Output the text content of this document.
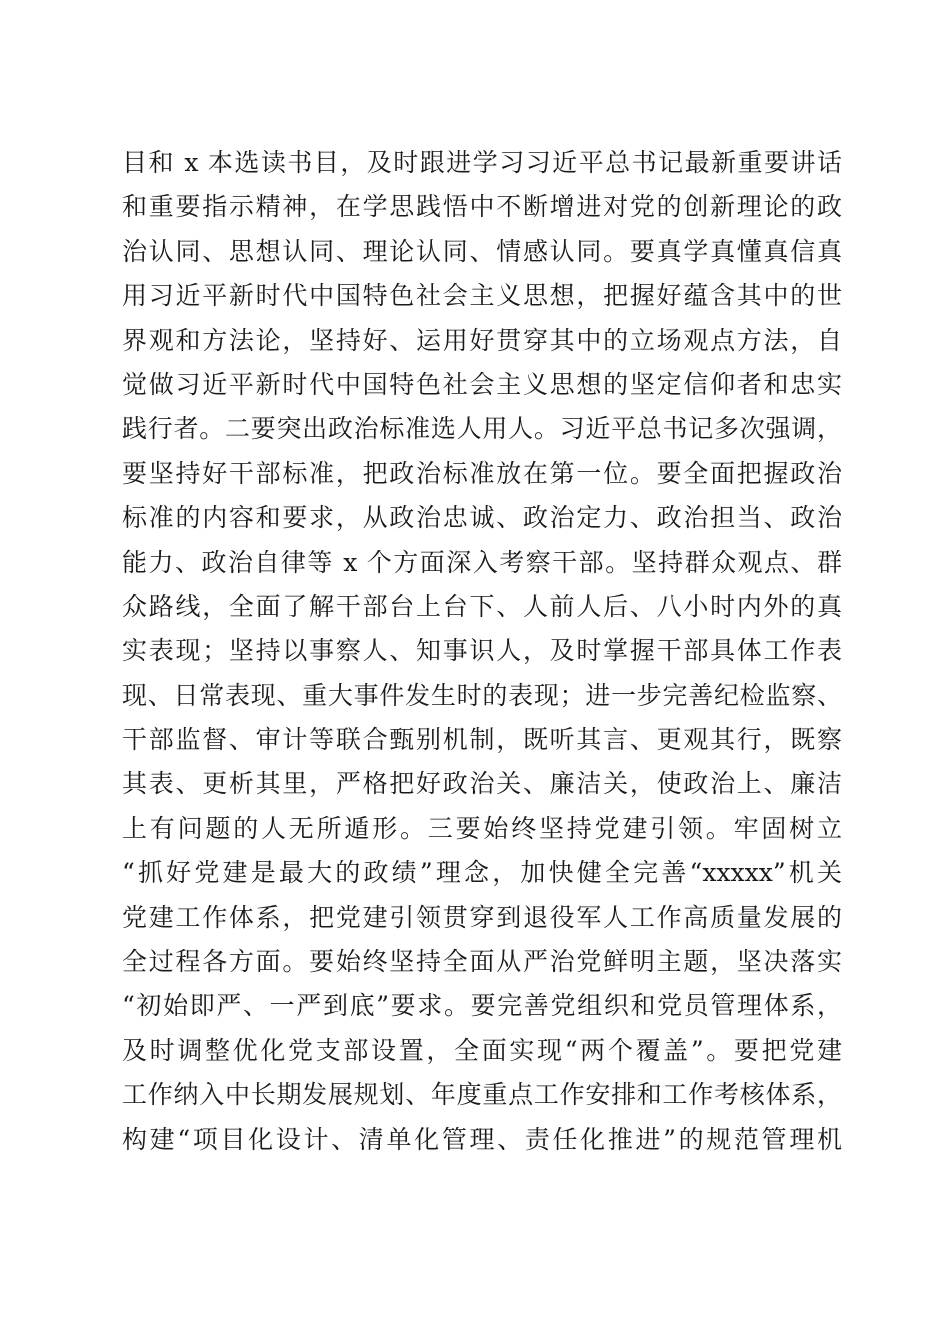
目和 x 本选读书目，及时跟进学习习近平总书记最新重要讲话
和重要指示精神，在学思践悟中不断增进对党的创新理论的政
治认同、思想认同、理论认同、情感认同。要真学真懂真信真
用习近平新时代中国特色社会主义思想，把握好蕴含其中的世
界观和方法论，坚持好、运用好贯穿其中的立场观点方法，自
觉做习近平新时代中国特色社会主义思想的坚定信仰者和忠实
践行者。二要突出政治标准选人用人。习近平总书记多次强调，
要坚持好干部标准，把政治标准放在第一位。要全面把握政治
标准的内容和要求，从政治忠诚、政治定力、政治担当、政治
能力、政治自律等 x 个方面深入考察干部。坚持群众观点、群
众路线，全面了解干部台上台下、人前人后、八小时内外的真
实表现；坚持以事察人、知事识人，及时掌握干部具体工作表
现、日常表现、重大事件发生时的表现；进一步完善纪检监察、
干部监督、审计等联合甄别机制，既听其言、更观其行，既察
其表、更析其里，严格把好政治关、廉洁关，使政治上、廉洁
上有问题的人无所遁形。三要始终坚持党建引领。牢固树立
“抓好党建是最大的政绩”理念，加快健全完善“xxxxx”机关
党建工作体系，把党建引领贯穿到退役军人工作高质量发展的
全过程各方面。要始终坚持全面从严治党鲜明主题，坚决落实
“初始即严、一严到底”要求。要完善党组织和党员管理体系，
及时调整优化党支部设置，全面实现“两个覆盖”。要把党建
工作纳入中长期发展规划、年度重点工作安排和工作考核体系，
构建“项目化设计、清单化管理、责任化推进”的规范管理机
